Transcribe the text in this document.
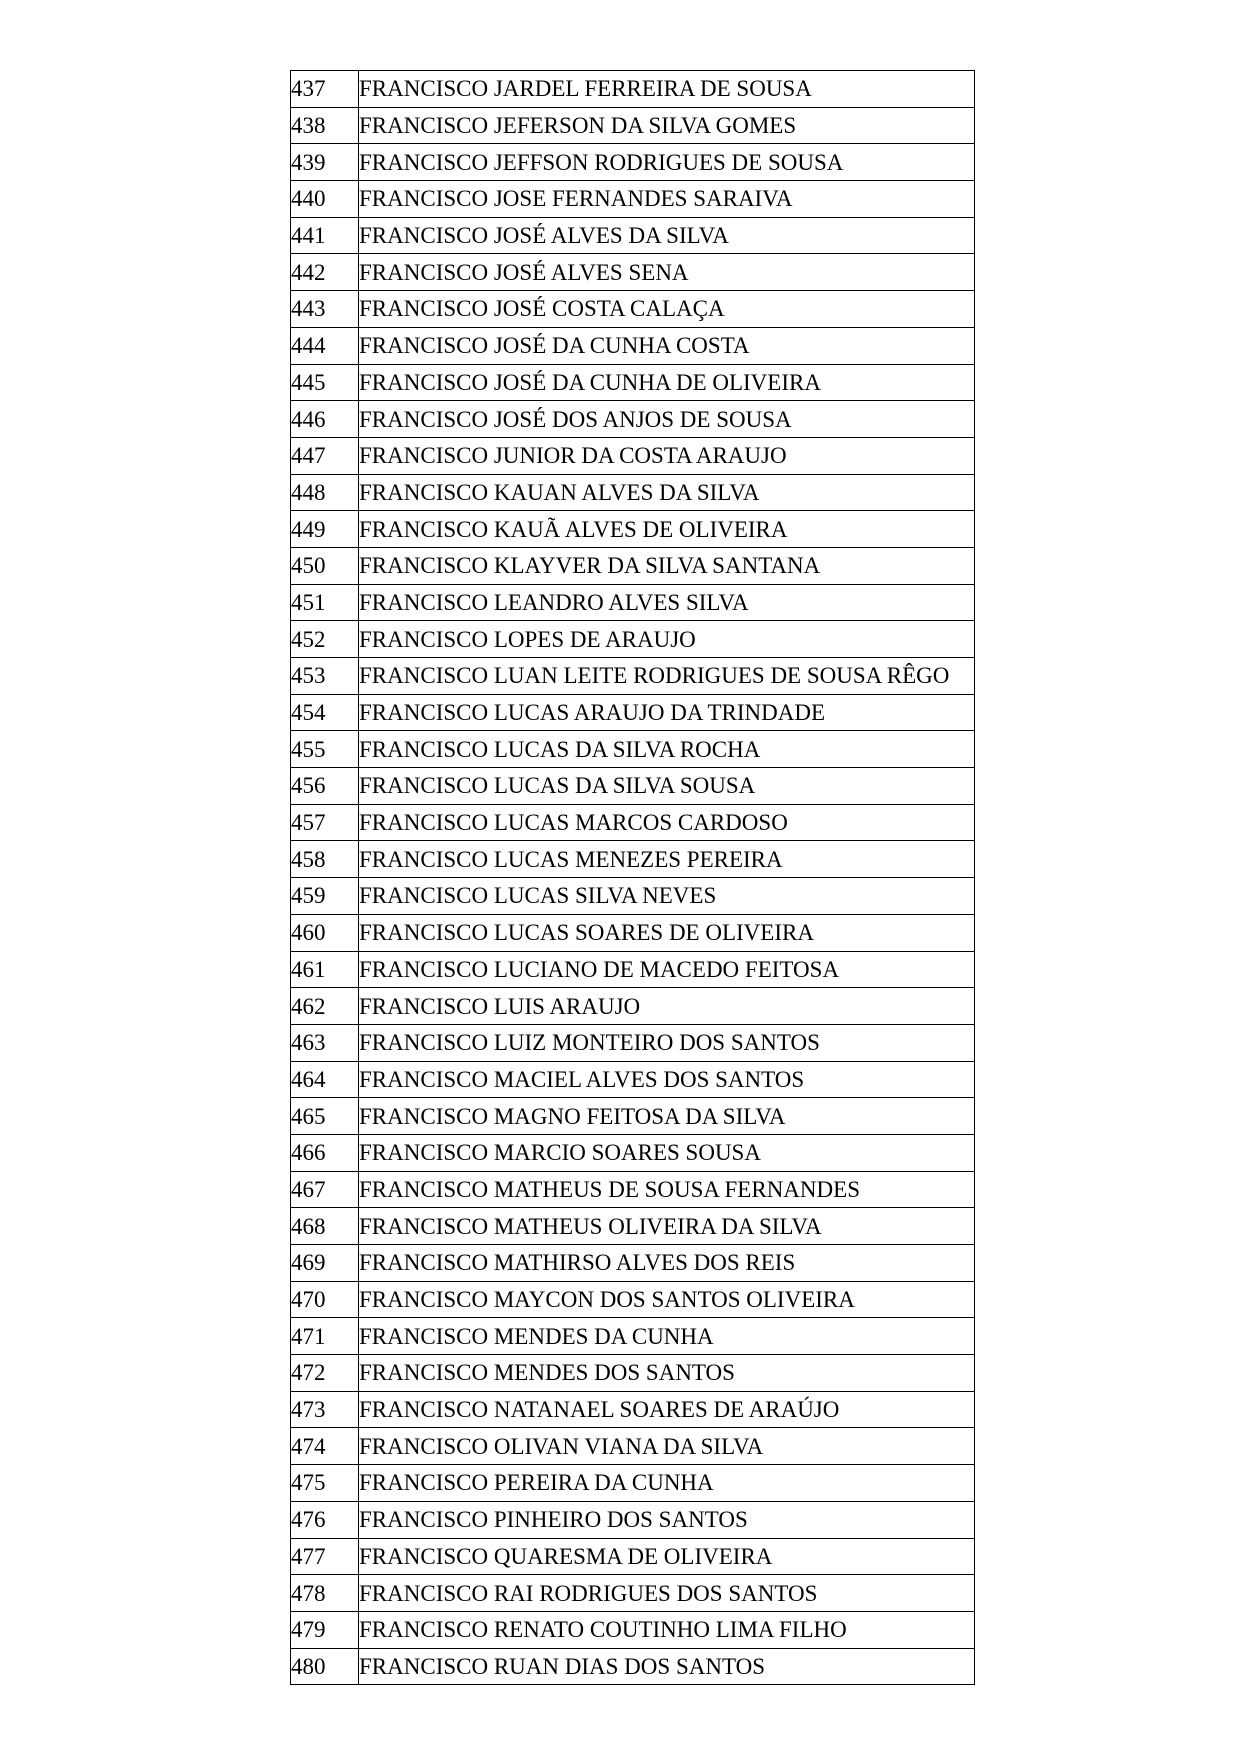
437	FRANCISCO JARDEL FERREIRA DE SOUSA
438	FRANCISCO JEFERSON DA SILVA GOMES
439	FRANCISCO JEFFSON RODRIGUES DE SOUSA
440	FRANCISCO JOSE FERNANDES SARAIVA
441	FRANCISCO JOSÉ ALVES DA SILVA
442	FRANCISCO JOSÉ ALVES SENA
443	FRANCISCO JOSÉ COSTA CALAÇA
444	FRANCISCO JOSÉ DA CUNHA COSTA
445	FRANCISCO JOSÉ DA CUNHA DE OLIVEIRA
446	FRANCISCO JOSÉ DOS ANJOS DE SOUSA
447	FRANCISCO JUNIOR DA COSTA ARAUJO
448	FRANCISCO KAUAN ALVES DA SILVA
449	FRANCISCO KAUÃ ALVES DE OLIVEIRA
450	FRANCISCO KLAYVER DA SILVA SANTANA
451	FRANCISCO LEANDRO ALVES SILVA
452	FRANCISCO LOPES DE ARAUJO
453	FRANCISCO LUAN LEITE RODRIGUES DE SOUSA RÊGO
454	FRANCISCO LUCAS ARAUJO DA TRINDADE
455	FRANCISCO LUCAS DA SILVA ROCHA
456	FRANCISCO LUCAS DA SILVA SOUSA
457	FRANCISCO LUCAS MARCOS CARDOSO
458	FRANCISCO LUCAS MENEZES PEREIRA
459	FRANCISCO LUCAS SILVA NEVES
460	FRANCISCO LUCAS SOARES DE OLIVEIRA
461	FRANCISCO LUCIANO DE MACEDO FEITOSA
462	FRANCISCO LUIS ARAUJO
463	FRANCISCO LUIZ MONTEIRO DOS SANTOS
464	FRANCISCO MACIEL ALVES DOS SANTOS
465	FRANCISCO MAGNO FEITOSA DA SILVA
466	FRANCISCO MARCIO SOARES SOUSA
467	FRANCISCO MATHEUS DE SOUSA FERNANDES
468	FRANCISCO MATHEUS OLIVEIRA DA SILVA
469	FRANCISCO MATHIRSO ALVES DOS REIS
470	FRANCISCO MAYCON DOS SANTOS OLIVEIRA
471	FRANCISCO MENDES DA CUNHA
472	FRANCISCO MENDES DOS SANTOS
473	FRANCISCO NATANAEL SOARES DE ARAÚJO
474	FRANCISCO OLIVAN VIANA DA SILVA
475	FRANCISCO PEREIRA DA CUNHA
476	FRANCISCO PINHEIRO DOS SANTOS
477	FRANCISCO QUARESMA DE OLIVEIRA
478	FRANCISCO RAI RODRIGUES DOS SANTOS
479	FRANCISCO RENATO COUTINHO LIMA FILHO
480	FRANCISCO RUAN DIAS DOS SANTOS
